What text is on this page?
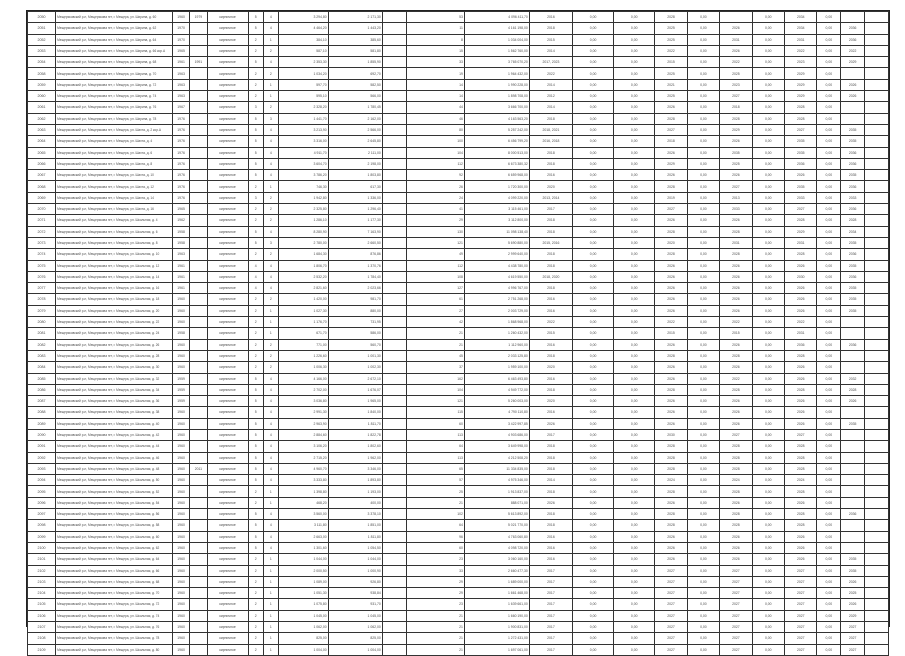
2050	Мещеряковский р-н, Мещерякова пгт, г. Мещера, ул. Ширина, д. 60	1960	1979	кирпичное	5	4	3 294,80	2 171,30		53	4 096 411,70	2016	0,00	0,00	2028	0,00		0,00	2034	0,00		
2051	Мещеряковский р-н, Мещерякова пгт, г. Мещера, ул. Ширина, д. 62	1970		кирпичное	5	4	4 464,20	1 443,20		11	4 161 198,00	2018	0,00	0,00	2025	0,00	2026	0,00	2034	0,00	2036	
2052	Мещеряковский р-н, Мещерякова пгт, г. Мещера, ул. Ширина, д. 64	1970		кирпичное	2	1	384,10	385,60		8	1 034 004,00	2015	0,00	0,00	2025	0,00	2031	0,00	2031	0,00	2036	
2053	Мещеряковский р-н, Мещерякова пгт, г. Мещера, ул. Ширина, д. 66 кор.А	1965		кирпичное	2	2	587,10	581,80		15	1 562 760,00	2014	0,00	0,00	2022	0,00	2026	0,00	2022	0,00	2022	
2054	Мещеряковский р-н, Мещерякова пгт, г. Мещера, ул. Ширина, д. 68	1961	1991	кирпичное	5	4	2 353,30	1 855,90		33	3 765 070,20	2017, 2023	0,00	0,00	2015	0,00	2022	0,00	2023	0,00	2029	
2058	Мещеряковский р-н, Мещерякова пгт, г. Мещера, ул. Ширина, д. 70	1963		кирпичное	2	2	1 034,20	692,70		19	1 964 432,00	2022	0,00	0,00	2025	0,00	2025	0,00	2029	0,00		
2059	Мещеряковский р-н, Мещерякова пгт, г. Мещера, ул. Ширина, д. 72	1963		кирпичное	2	1	597,70	582,50		14	1 990 228,00	2014	0,00	0,00	2021	0,00	2023	0,00	2029	0,00	2026	
2060	Мещеряковский р-н, Мещерякова пгт, г. Мещера, ул. Ширина, д. 74	1963		кирпичное	2	1	595,10	566,00		14	1 898 708,00	2012	0,00	0,00	2025	0,00	2027	0,00	2029	0,00	2026	
2061	Мещеряковский р-н, Мещерякова пгт, г. Мещера, ул. Ширина, д. 76	1967		кирпичное	3	2	2 328,20	1 780,45		44	3 666 700,00	2014	0,00	0,00	2026	0,00	2018	0,00	2028	0,00		
2062	Мещеряковский р-н, Мещерякова пгт, г. Мещера, ул. Ширина, д. 78	1976		кирпичное	5	3	1 441,70	2 162,00		46	4 163 563,20	2018	0,00	0,00	2028	0,00	2028	0,00	2028	0,00		
2063	Мещеряковский р-н, Мещерякова пгт, г. Мещера, ул. Шахта, д. 2 кор.А	1976		кирпичное	5	4	3 213,90	2 566,00		80	5 257 242,00	2018, 2021	0,00	0,00	2027	0,00	2029	0,00	2027	0,00	2035	
2064	Мещеряковский р-н, Мещерякова пгт, г. Мещера, ул. Шахта, д. 4	1976		кирпичное	5	4	3 316,00	2 645,80		100	6 456 799,20	2016, 2018	0,00	0,00	2018	0,00	2026	0,00	2035	0,00	2035	
2065	Мещеряковский р-н, Мещерякова пгт, г. Мещера, ул. Шахта, д. 6	1976		кирпичное	5	4	4 911,70	2 111,00		104	8 000 513,00	2018	0,00	0,00	2026	0,00	2035	0,00	2035	0,00	2036	
2066	Мещеряковский р-н, Мещерякова пгт, г. Мещера, ул. Шахта, д. 8	1976		кирпичное	5	4	3 604,70	2 198,00		112	6 673 380,32	2018	0,00	0,00	2029	0,00	2025	0,00	2036	0,00	2036	
2067	Мещеряковский р-н, Мещерякова пгт, г. Мещера, ул. Шахта, д. 10	1976		кирпичное	5	4	3 786,20	1 803,80		92	6 659 968,00	2016	0,00	0,00	2026	0,00	2026	0,00	2026	0,00	2035	
2068	Мещеряковский р-н, Мещерякова пгт, г. Мещера, ул. Шахта, д. 12	1976		кирпичное	2	1	746,30	617,30		26	1 720 300,00	2020	0,00	0,00	2028	0,00	2027	0,00	2035	0,00	2036	
2069	Мещеряковский р-н, Мещерякова пгт, г. Мещера, ул. Шахта, д. 14	1976		кирпичное	3	2	1 942,80	1 336,00		24	4 099 220,00	2013, 2014	0,00	0,00	2019	0,00	2013	0,00	2033	0,00	2033	
2070	Мещеряковский р-н, Мещерякова пгт, г. Мещера, ул. Шахта, д. 16	1965		кирпичное	2	2	2 325,80	1 296,40		41	3 115 461,00	2017	0,00	0,00	2027	0,00	2033	0,00	2027	0,00	2036	
2071	Мещеряковский р-н, Мещерякова пгт, г. Мещера, ул. Школьная, д. 4	1962		кирпичное	2	2	1 286,10	1 177,30		29	3 112 800,00	2018	0,00	0,00	2026	0,00	2026	0,00	2028	0,00	2028	
2072	Мещеряковский р-н, Мещерякова пгт, г. Мещера, ул. Школьная, д. 6	1958		кирпичное	5	4	8 280,90	7 163,90		130	11 098 138,40	2018	0,00	0,00	2028	0,00	2028	0,00	2029	0,00	2034	
2073	Мещеряковский р-н, Мещерякова пгт, г. Мещера, ул. Школьная, д. 8	1958		кирпичное	5	3	2 780,00	2 660,50		121	5 690 880,00	2015, 2016	0,00	0,00	2020	0,00	2031	0,00	2031	0,00	2035	
2074	Мещеряковский р-н, Мещерякова пгт, г. Мещера, ул. Школьная, д. 10	1963		кирпичное	2	2	1 684,30	876,86		49	2 999 640,00	2018	0,00	0,00	2028	0,00	2028	0,00	2028	0,00	2036	
2075	Мещеряковский р-н, Мещерякова пгт, г. Мещера, ул. Школьная, д. 12	1961		кирпичное	4	4	1 806,70	1 370,76		112	4 438 780,00	2018	0,00	0,00	2026	0,00	2026	0,00	2026	0,00	2035	
2076	Мещеряковский р-н, Мещерякова пгт, г. Мещера, ул. Школьная, д. 14	1961		кирпичное	4	4	2 532,20	1 784,40		108	4 619 550,00	2018, 2020	0,00	0,00	2026	0,00	2026	0,00	2030	0,00	2036	
2077	Мещеряковский р-н, Мещерякова пгт, г. Мещера, ул. Школьная, д. 16	1961		кирпичное	4	4	2 821,60	2 023,66		127	4 996 767,00	2018	0,00	0,00	2026	0,00	2026	0,00	2026	0,00	2035	
2078	Мещеряковский р-н, Мещерякова пгт, г. Мещера, ул. Школьная, д. 18	1960		кирпичное	2	2	1 420,00	981,70		61	2 751 268,00	2016	0,00	0,00	2026	0,00	2026	0,00	2026	0,00	2035	
2079	Мещеряковский р-н, Мещерякова пгт, г. Мещера, ул. Школьная, д. 20	1960		кирпичное	2	1	1 027,30	880,00		27	2 003 729,00	2016	0,00	0,00	2026	0,00	2026	0,00	2026	0,00	2035	
2080	Мещеряковский р-н, Мещерякова пгт, г. Мещера, ул. Школьная, д. 22	1960		кирпичное	2	1	1 176,70	731,95		42	1 868 968,00	2022	0,00	0,00	2022	0,00	2022	0,00	2022	0,00		
2081	Мещеряковский р-н, Мещерякова пгт, г. Мещера, ул. Школьная, д. 24	1958		кирпичное	2	1	671,70	586,00		21	1 260 432,00	2015	0,00	0,00	2015	0,00	2015	0,00	2031	0,00		
2082	Мещеряковский р-н, Мещерякова пгт, г. Мещера, ул. Школьная, д. 26	1960		кирпичное	2	2	771,00	560,70		21	1 112 960,00	2016	0,00	0,00	2026	0,00	2026	0,00	2036	0,00	2036	
2083	Мещеряковский р-н, Мещерякова пгт, г. Мещера, ул. Школьная, д. 28	1960		кирпичное	2	2	1 226,60	1 001,30		45	2 033 125,80	2018	0,00	0,00	2028	0,00	2028	0,00	2028	0,00		
2084	Мещеряковский р-н, Мещерякова пгт, г. Мещера, ул. Школьная, д. 30	1960		кирпичное	2	2	1 006,30	1 002,30		37	1 959 100,00	2020	0,00	0,00	2026	0,00	2026	0,00	2026	0,00		
2085	Мещеряковский р-н, Мещерякова пгт, г. Мещера, ул. Школьная, д. 32	1959		кирпичное	5	4	4 166,00	2 672,10		162	6 463 493,80	2016	0,00	0,00	2026	0,00	2022	0,00	2026	0,00	2032	
2086	Мещеряковский р-н, Мещерякова пгт, г. Мещера, ул. Школьная, д. 34	1959		кирпичное	5	4	2 702,00	1 676,07		104	4 949 772,00	2018	0,00	0,00	2028	0,00	2028	0,00	2028	0,00	2028	
2087	Мещеряковский р-н, Мещерякова пгт, г. Мещера, ул. Школьная, д. 36	1959		кирпичное	5	4	3 036,80	1 965,00		121	5 260 003,00	2020	0,00	0,00	2026	0,00	2026	0,00	2026	0,00	2026	
2088	Мещеряковский р-н, Мещерякова пгт, г. Мещера, ул. Школьная, д. 38	1960		кирпичное	5	4	2 991,30	1 840,00		115	4 790 110,80	2016	0,00	0,00	2026	0,00	2026	0,00	2026	0,00		
2089	Мещеряковский р-н, Мещерякова пгт, г. Мещера, ул. Школьная, д. 40	1960		кирпичное	5	4	2 963,90	1 811,70		60	3 422 997,85	2026	0,00	0,00	2026	0,00	2026	0,00	2026	0,00	2035	
2090	Мещеряковский р-н, Мещерякова пгт, г. Мещера, ул. Школьная, д. 42	1960		кирпичное	5	4	2 884,60	1 822,78		113	4 903 686,00	2017	0,00	0,00	2030	0,00	2027	0,00	2027	0,00		
2091	Мещеряковский р-н, Мещерякова пгт, г. Мещера, ул. Школьная, д. 44	1960		кирпичное	5	4	3 106,20	1 802,60		64	3 649 998,00	2018	0,00	0,00	2028	0,00	2028	0,00	2028	0,00		
2092	Мещеряковский р-н, Мещерякова пгт, г. Мещера, ул. Школьная, д. 46	1960		кирпичное	5	4	2 715,20	1 962,00		113	4 212 508,20	2018	0,00	0,00	2028	0,00	2028	0,00	2028	0,00		
2093	Мещеряковский р-н, Мещерякова пгт, г. Мещера, ул. Школьная, д. 48	1960	2011	кирпичное	5	4	4 960,70	3 346,00		65	11 334 835,00	2018	0,00	0,00	2028	0,00	2028	0,00	2028	0,00		
2094	Мещеряковский р-н, Мещерякова пгт, г. Мещера, ул. Школьная, д. 50	1960		кирпичное	5	4	3 333,80	1 893,80		57	4 975 346,00	2014	0,00	0,00	2024	0,00	2024	0,00	2024	0,00		
2095	Мещеряковский р-н, Мещерякова пгт, г. Мещера, ул. Школьная, д. 52	1960		кирпичное	2	1	1 398,80	1 193,00		25	1 913 837,00	2018	0,00	0,00	2028	0,00	2028	0,00	2028	0,00		
2096	Мещеряковский р-н, Мещерякова пгт, г. Мещера, ул. Школьная, д. 54	1960		кирпичное	2	1	468,20	400,00		21	888 071,00	2026	0,00	0,00	2026	0,00	2026	0,00	2026	0,00		
2097	Мещеряковский р-н, Мещерякова пгт, г. Мещера, ул. Школьная, д. 56	1960		кирпичное	5	4	3 560,00	3 378,10		102	5 613 892,00	2018	0,00	0,00	2028	0,00	2028	0,00	2028	0,00	2036	
2098	Мещеряковский р-н, Мещерякова пгт, г. Мещера, ул. Школьная, д. 58	1960		кирпичное	5	4	3 111,80	1 851,00		64	5 021 770,00	2018	0,00	0,00	2028	0,00	2028	0,00	2028	0,00		
2099	Мещеряковский р-н, Мещерякова пгт, г. Мещера, ул. Школьная, д. 60	1960		кирпичное	5	4	2 663,00	1 811,80		96	4 763 060,80	2016	0,00	0,00	2026	0,00	2026	0,00	2026	0,00		
2100	Мещеряковский р-н, Мещерякова пгт, г. Мещера, ул. Школьная, д. 62	1960		кирпичное	5	4	1 301,60	1 054,50		60	4 098 720,00	2016	0,00	0,00	2026	0,00	2026	0,00	2026	0,00		
2101	Мещеряковский р-н, Мещерякова пгт, г. Мещера, ул. Школьная, д. 64	1960		кирпичное	2	1	1 044,00	1 044,00		23	3 060 160,00	2016	0,00	0,00	2026	0,00	2026	0,00	2026	0,00	2035	
2102	Мещеряковский р-н, Мещерякова пгт, г. Мещера, ул. Школьная, д. 66	1960		кирпичное	2	1	2 000,50	1 000,90		33	2 660 477,30	2017	0,00	0,00	2027	0,00	2027	0,00	2027	0,00	2035	
2103	Мещеряковский р-н, Мещерякова пгт, г. Мещера, ул. Школьная, д. 68	1960		кирпичное	2	1	1 089,00	926,80		29	1 689 000,00	2017	0,00	0,00	2027	0,00	2027	0,00	2027	0,00	2026	
2104	Мещеряковский р-н, Мещерякова пгт, г. Мещера, ул. Школьная, д. 70	1960		кирпичное	2	1	1 051,30	938,84		29	1 661 468,00	2017	0,00	0,00	2027	0,00	2027	0,00	2027	0,00	2025	
2105	Мещеряковский р-н, Мещерякова пгт, г. Мещера, ул. Школьная, д. 72	1960		кирпичное	2	1	1 075,80	931,70		23	1 639 661,00	2017	0,00	0,00	2027	0,00	2027	0,00	2027	0,00	2026	
2106	Мещеряковский р-н, Мещерякова пгт, г. Мещера, ул. Школьная, д. 74	1960		кирпичное	2	1	1 045,00	1 045,00		21	1 660 190,00	2017	0,00	0,00	2027	0,00	2027	0,00	2027	0,00	2029	
2107	Мещеряковский р-н, Мещерякова пгт, г. Мещера, ул. Школьная, д. 76	1960		кирпичное	2	1	1 062,00	1 062,00		21	1 900 831,00	2017	0,00	0,00	2027	0,00	2027	0,00	2027	0,00	2027	
2108	Мещеряковский р-н, Мещерякова пгт, г. Мещера, ул. Школьная, д. 78	1960		кирпичное	2	1	825,00	825,00		21	1 272 431,00	2017	0,00	0,00	2027	0,00	2027	0,00	2027	0,00	2027	
2109	Мещеряковский р-н, Мещерякова пгт, г. Мещера, ул. Школьная, д. 80	1960		кирпичное	2	1	1 004,00	1 004,00		21	1 697 061,00	2017	0,00	0,00	2027	0,00	2027	0,00	2027	0,00	2027	
